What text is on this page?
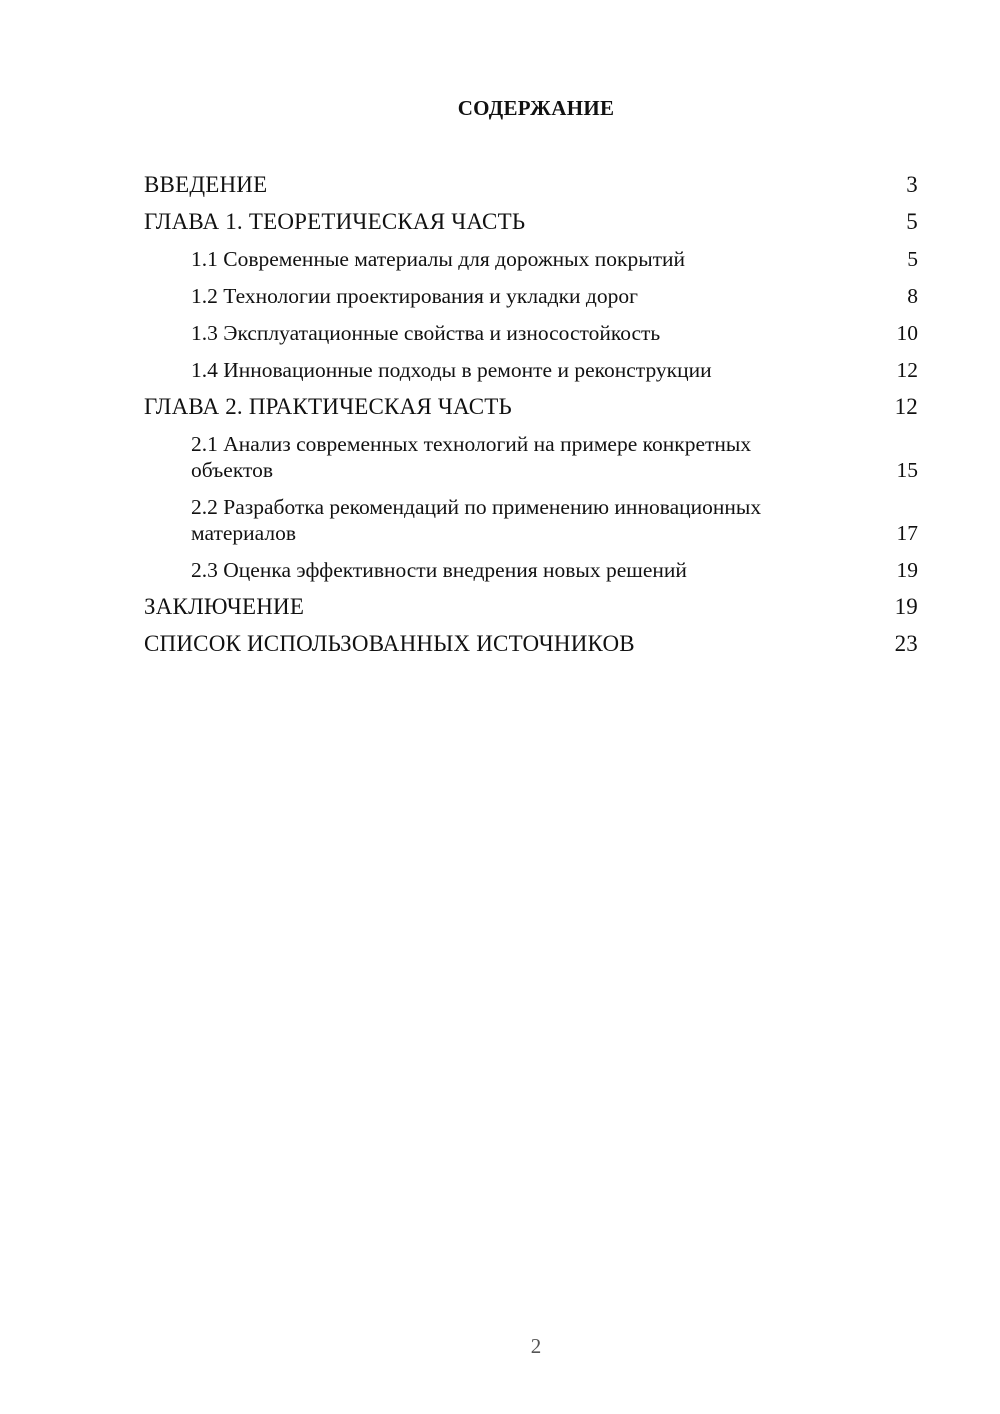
СОДЕРЖАНИЕ
ВВЕДЕНИЕ	3
ГЛАВА 1. ТЕОРЕТИЧЕСКАЯ ЧАСТЬ	5
1.1 Современные материалы для дорожных покрытий	5
1.2 Технологии проектирования и укладки дорог	8
1.3 Эксплуатационные свойства и износостойкость	10
1.4 Инновационные подходы в ремонте и реконструкции	12
ГЛАВА 2. ПРАКТИЧЕСКАЯ ЧАСТЬ	12
2.1 Анализ современных технологий на примере конкретных объектов	15
2.2 Разработка рекомендаций по применению инновационных материалов	17
2.3 Оценка эффективности внедрения новых решений	19
ЗАКЛЮЧЕНИЕ	19
СПИСОК ИСПОЛЬЗОВАННЫХ ИСТОЧНИКОВ	23
2
